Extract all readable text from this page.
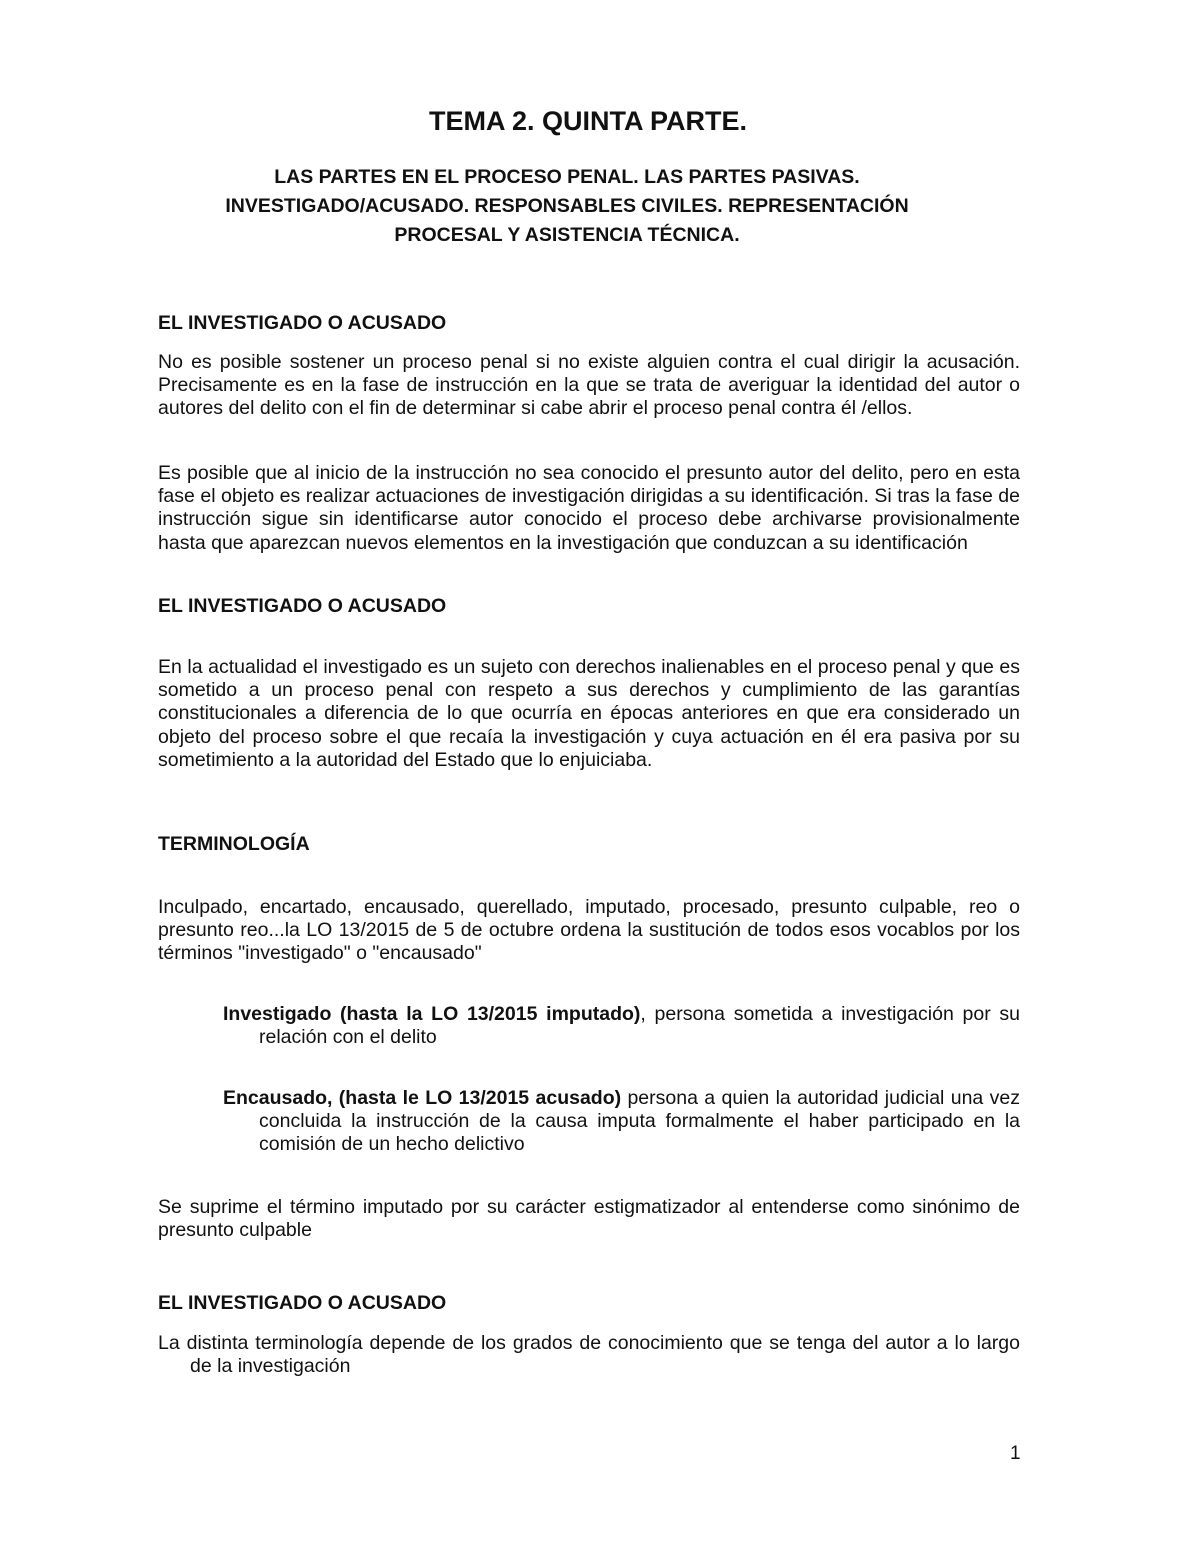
TEMA 2. QUINTA PARTE.
LAS PARTES EN EL PROCESO PENAL. LAS PARTES PASIVAS.
INVESTIGADO/ACUSADO. RESPONSABLES CIVILES. REPRESENTACIÓN
PROCESAL Y ASISTENCIA TÉCNICA.
EL INVESTIGADO O ACUSADO

No es posible sostener un proceso penal si no existe alguien contra el cual dirigir la acusación. Precisamente es en la fase de instrucción en la que se trata de averiguar la identidad del autor o autores del delito con el fin de determinar si cabe abrir el proceso penal contra él /ellos.

Es posible que al inicio de la instrucción no sea conocido el presunto autor del delito, pero en esta fase el objeto es realizar actuaciones de investigación dirigidas a su identificación. Si tras la fase de instrucción sigue sin identificarse autor conocido el proceso debe archivarse provisionalmente hasta que aparezcan nuevos elementos en la investigación que conduzcan a su identificación

EL INVESTIGADO O ACUSADO

En la actualidad el investigado es un sujeto con derechos inalienables en el proceso penal y que es sometido a un proceso penal con respeto a sus derechos y cumplimiento de las garantías constitucionales a diferencia de lo que ocurría en épocas anteriores en que era considerado un objeto del proceso sobre el que recaía la investigación y cuya actuación en él era pasiva por su sometimiento a la autoridad del Estado que lo enjuiciaba.

TERMINOLOGÍA

Inculpado, encartado, encausado, querellado, imputado, procesado, presunto culpable, reo o presunto reo...la LO 13/2015 de 5 de octubre ordena la sustitución de todos esos vocablos por los términos "investigado" o "encausado"

Investigado (hasta la LO 13/2015 imputado), persona sometida a investigación por su relación con el delito

Encausado, (hasta le LO 13/2015 acusado) persona a quien la autoridad judicial una vez concluida la instrucción de la causa imputa formalmente el haber participado en la comisión de un hecho delictivo

Se suprime el término imputado por su carácter estigmatizador al entenderse como sinónimo de presunto culpable

EL INVESTIGADO O ACUSADO

La distinta terminología depende de los grados de conocimiento que se tenga del autor a lo largo de la investigación

1
